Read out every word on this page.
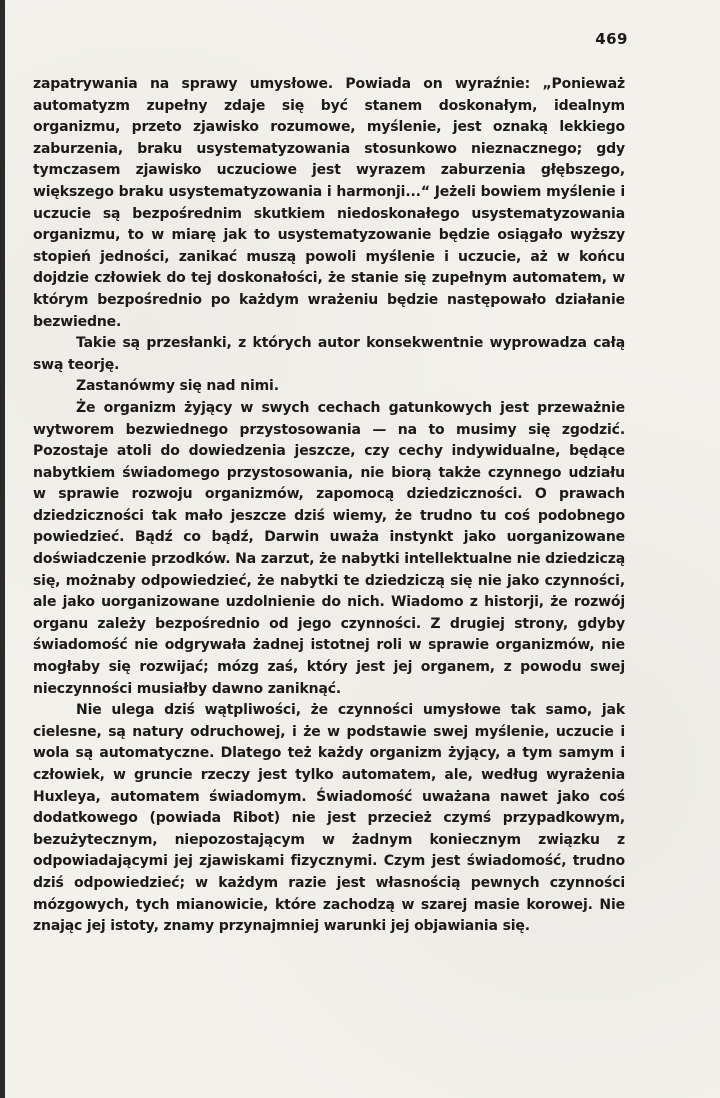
469

zapatrywania na sprawy umysłowe. Powiada on wyraźnie: „Ponieważ automatyzm zupełny zdaje się być stanem doskonałym, idealnym organizmu, przeto zjawisko rozumowe, myślenie, jest oznaką lekkiego zaburzenia, braku usystematyzowania stosunkowo nieznacznego; gdy tymczasem zjawisko uczuciowe jest wyrazem zaburzenia głębszego, większego braku usystematyzowania i harmonji...“ Jeżeli bowiem myślenie i uczucie są bezpośrednim skutkiem niedoskonałego usystematyzowania organizmu, to w miarę jak to usystematyzowanie będzie osiągało wyższy stopień jedności, zanikać muszą powoli myślenie i uczucie, aż w końcu dojdzie człowiek do tej doskonałości, że stanie się zupełnym automatem, w którym bezpośrednio po każdym wrażeniu będzie następowało działanie bezwiedne.

Takie są przesłanki, z których autor konsekwentnie wyprowadza całą swą teorję.

Zastanówmy się nad nimi.

Że organizm żyjący w swych cechach gatunkowych jest przeważnie wytworem bezwiednego przystosowania — na to musimy się zgodzić. Pozostaje atoli do dowiedzenia jeszcze, czy cechy indywidualne, będące nabytkiem świadomego przystosowania, nie biorą także czynnego udziału w sprawie rozwoju organizmów, zapomocą dziedziczności. O prawach dziedziczności tak mało jeszcze dziś wiemy, że trudno tu coś podobnego powiedzieć. Bądź co bądź, Darwin uważa instynkt jako uorganizowane doświadczenie przodków. Na zarzut, że nabytki intellektualne nie dziedziczą się, możnaby odpowiedzieć, że nabytki te dziedziczą się nie jako czynności, ale jako uorganizowane uzdolnienie do nich. Wiadomo z historji, że rozwój organu zależy bezpośrednio od jego czynności. Z drugiej strony, gdyby świadomość nie odgrywała żadnej istotnej roli w sprawie organizmów, nie mogłaby się rozwijać; mózg zaś, który jest jej organem, z powodu swej nieczynności musiałby dawno zaniknąć.

Nie ulega dziś wątpliwości, że czynności umysłowe tak samo, jak cielesne, są natury odruchowej, i że w podstawie swej myślenie, uczucie i wola są automatyczne. Dlatego też każdy organizm żyjący, a tym samym i człowiek, w gruncie rzeczy jest tylko automatem, ale, według wyrażenia Huxleya, automatem świadomym. Świadomość uważana nawet jako coś dodatkowego (powiada Ribot) nie jest przecież czymś przypadkowym, bezużytecznym, niepozostającym w żadnym koniecznym związku z odpowiadającymi jej zjawiskami fizycznymi. Czym jest świadomość, trudno dziś odpowiedzieć; w każdym razie jest własnością pewnych czynności mózgowych, tych mianowicie, które zachodzą w szarej masie korowej. Nie znając jej istoty, znamy przynajmniej warunki jej objawiania się.
